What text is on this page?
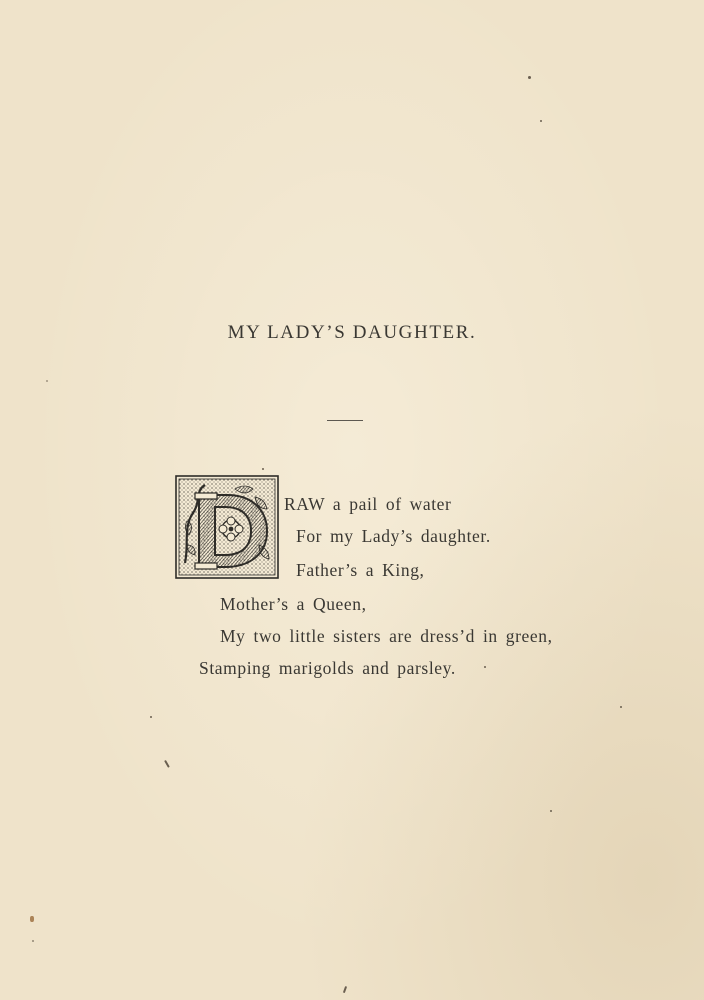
MY LADY’S DAUGHTER.
RAW a pail of water
For my Lady’s daughter.
Father’s a King,
Mother’s a Queen,
My two little sisters are dress’d in green,
Stamping marigolds and parsley.
